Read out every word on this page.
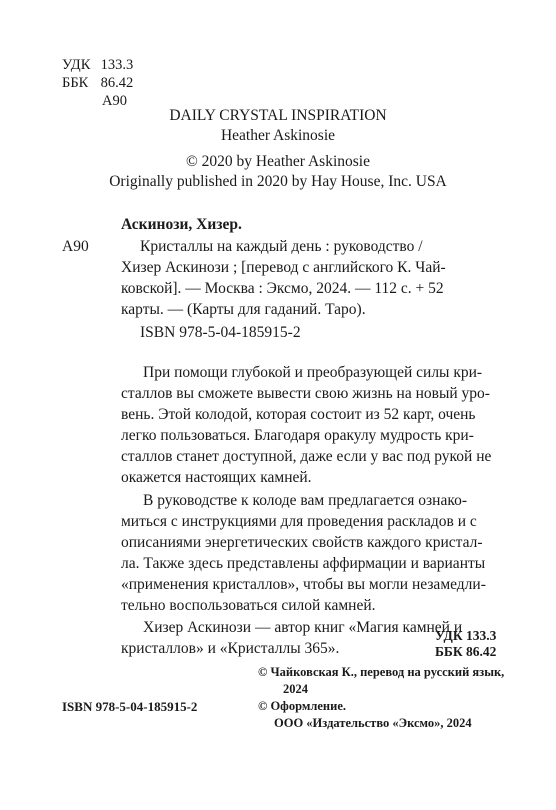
УДК 133.3
ББК 86.42
А90
DAILY CRYSTAL INSPIRATION
Heather Askinosie
© 2020 by Heather Askinosie
Originally published in 2020 by Hay House, Inc. USA
Аскинози, Хизер.
А90	Кристаллы на каждый день : руководство /
Хизер Аскинози ; [перевод с английского К. Чай-
ковской]. — Москва : Эксмо, 2024. — 112 с. + 52
карты. — (Карты для гаданий. Таро).
ISBN 978-5-04-185915-2
При помощи глубокой и преобразующей силы кри-
сталлов вы сможете вывести свою жизнь на новый уро-
вень. Этой колодой, которая состоит из 52 карт, очень
легко пользоваться. Благодаря оракулу мудрость кри-
сталлов станет доступной, даже если у вас под рукой не
окажется настоящих камней.
В руководстве к колоде вам предлагается ознако-
миться с инструкциями для проведения раскладов и с
описаниями энергетических свойств каждого кристал-
ла. Также здесь представлены аффирмации и варианты
«применения кристаллов», чтобы вы могли незамедли-
тельно воспользоваться силой камней.
Хизер Аскинози — автор книг «Магия камней и
кристаллов» и «Кристаллы 365».
УДК 133.3
ББК 86.42
© Чайковская К., перевод на русский язык,
2024
© Оформление.
ООО «Издательство «Эксмо», 2024
ISBN 978-5-04-185915-2
